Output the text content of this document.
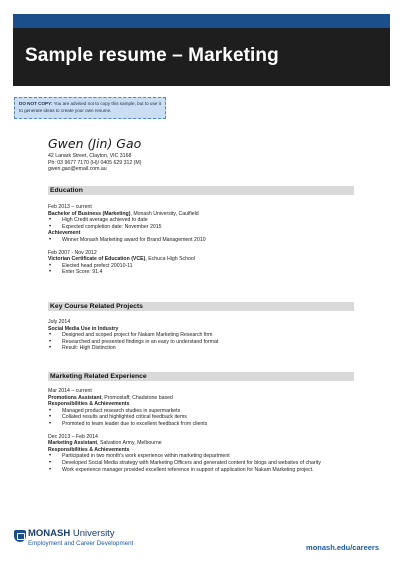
Sample resume – Marketing
DO NOT COPY: You are advised not to copy this sample, but to use it to generate ideas to create your own resume.
Gwen (Jin) Gao
42 Lanark Street, Clayton, VIC 3168
Ph: 03 9677 7170 (H)/ 0405 629 312 (M)
gwen.gao@email.com.au
Education
Feb 2013 – current
Bachelor of Business (Marketing), Monash University, Caulfield
• High Credit average achieved to date
• Expected completion date: November 2015
Achievement
• Winner Monash Marketing award for Brand Management 2010
Feb 2007 - Nov 2012
Victorian Certificate of Education (VCE), Echuca High School
• Elected head prefect 20010-11
• Enter Score: 91.4
Key Course Related Projects
July 2014
Social Media Use in Industry
• Designed and scoped project for Nakam Marketing Research firm
• Researched and presented findings in an easy to understand format
• Result: High Distinction
Marketing Related Experience
Mar 2014 – current
Promotions Assistant, Promostaff, Chadstone based
Responsibilities & Achievements
• Managed product research studies in supermarkets
• Collated results and highlighted critical feedback items
• Promoted to team leader due to excellent feedback from clients
Dec 2013 – Feb 2014
Marketing Assistant, Salvation Army, Melbourne
Responsibilities & Achievements
• Participated in two month's work experience within marketing department
• Developed Social Media strategy with Marketing Officers and generated content for blogs and websites of charity
• Work experience manager provided excellent reference in support of application for Nakam Marketing project.
MONASH University
Employment and Career Development	monash.edu/careers
